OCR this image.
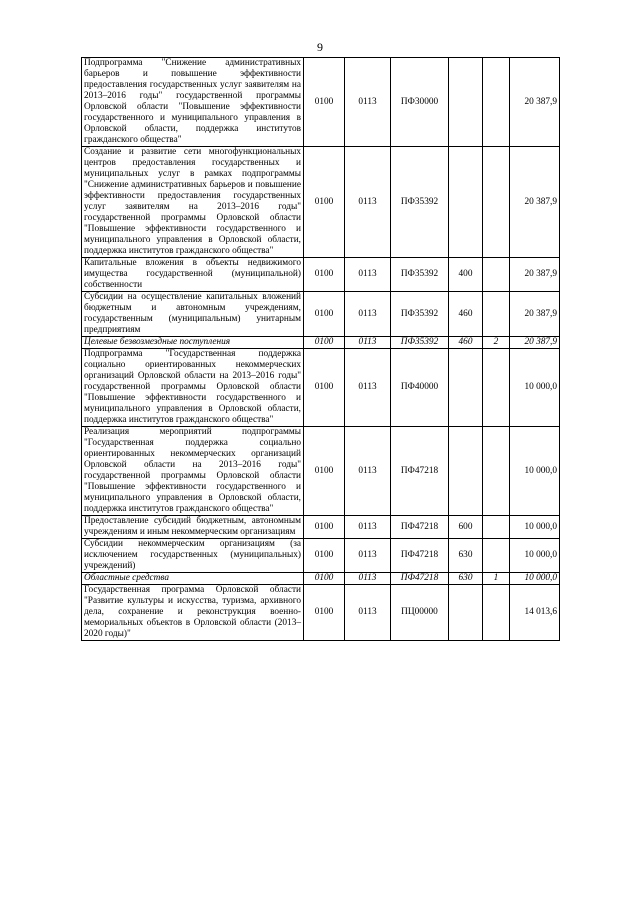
9
Подпрограмма "Снижение административных барьеров и повышение эффективности предоставления государственных услуг заявителям на 2013–2016 годы" государственной программы Орловской области "Повышение эффективности государственного и муниципального управления в Орловской области, поддержка институтов гражданского общества"	0100	0113	ПФ30000			20 387,9
Создание и развитие сети многофункциональных центров предоставления государственных и муниципальных услуг в рамках подпрограммы "Снижение административных барьеров и повышение эффективности предоставления государственных услуг заявителям на 2013–2016 годы" государственной программы Орловской области "Повышение эффективности государственного и муниципального управления в Орловской области, поддержка институтов гражданского общества"	0100	0113	ПФ35392			20 387,9
Капитальные вложения в объекты недвижимого имущества государственной (муниципальной) собственности	0100	0113	ПФ35392	400		20 387,9
Субсидии на осуществление капитальных вложений бюджетным и автономным учреждениям, государственным (муниципальным) унитарным предприятиям	0100	0113	ПФ35392	460		20 387,9
Целевые безвозмездные поступления	0100	0113	ПФ35392	460	2	20 387,9
Подпрограмма "Государственная поддержка социально ориентированных некоммерческих организаций Орловской области на 2013–2016 годы" государственной программы Орловской области "Повышение эффективности государственного и муниципального управления в Орловской области, поддержка институтов гражданского общества"	0100	0113	ПФ40000			10 000,0
Реализация мероприятий подпрограммы "Государственная поддержка социально ориентированных некоммерческих организаций Орловской области на 2013–2016 годы" государственной программы Орловской области "Повышение эффективности государственного и муниципального управления в Орловской области, поддержка институтов гражданского общества"	0100	0113	ПФ47218			10 000,0
Предоставление субсидий бюджетным, автономным учреждениям и иным некоммерческим организациям	0100	0113	ПФ47218	600		10 000,0
Субсидии некоммерческим организациям (за исключением государственных (муниципальных) учреждений)	0100	0113	ПФ47218	630		10 000,0
Областные средства	0100	0113	ПФ47218	630	1	10 000,0
Государственная программа Орловской области "Развитие культуры и искусства, туризма, архивного дела, сохранение и реконструкция военно-мемориальных объектов в Орловской области (2013–2020 годы)"	0100	0113	ПЦ00000			14 013,6
